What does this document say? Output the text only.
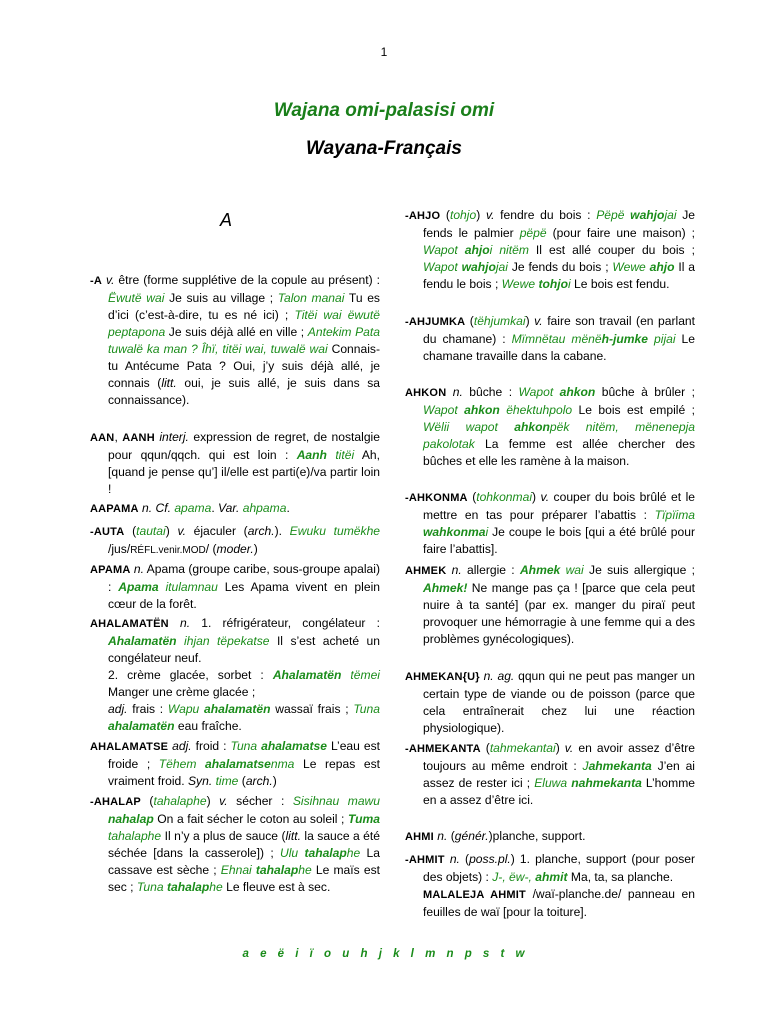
1
Wajana omi-palasisi omi
Wayana-Français
A
-A v. être (forme supplétive de la copule au présent) : Ëwutë wai Je suis au village ; Talon manai Tu es d’ici (c’est-à-dire, tu es né ici) ; Titëi wai ëwutë peptapona Je suis déjà allé en ville ; Antekim Pata tuwalë ka man ? Îhï, titëi wai, tuwalë wai Connais-tu Antécume Pata ? Oui, j’y suis déjà allé, je connais (litt. oui, je suis allé, je suis dans sa connaissance).
AAN, AANH interj. expression de regret, de nostalgie pour qqun/qqch. qui est loin : Aanh titëi Ah, [quand je pense qu’] il/elle est parti(e)/va partir loin !
AAPAMA n. Cf. apama. Var. ahpama.
-AUTA (tautai) v. éjaculer (arch.). Ewuku tumëkhe /jus/RÉFL.venir.MOD/ (moder.)
APAMA n. Apama (groupe caribe, sous-groupe apalai) : Apama itulamnau Les Apama vivent en plein cœur de la forêt.
AHALAMATËN n. 1. réfrigérateur, congélateur : Ahalamatën ihjan tëpekatse Il s’est acheté un congélateur neuf.
2. crème glacée, sorbet : Ahalamatën tëmei Manger une crème glacée ;
adj. frais : Wapu ahalamatën wassaï frais ; Tuna ahalamatën eau fraîche.
AHALAMATSE adj. froid : Tuna ahalamatse L’eau est froide ; Tëhem ahalamatsenma Le repas est vraiment froid. Syn. time (arch.)
-AHALAP (tahalaphe) v. sécher : Sisihnau mawu nahalap On a fait sécher le coton au soleil ; Tuma tahalaphe Il n’y a plus de sauce (litt. la sauce a été séchée [dans la casserole]) ; Ulu tahalaphe La cassave est sèche ; Ehnai tahalaphe Le maïs est sec ; Tuna tahalaphe Le fleuve est à sec.
-AHJO (tohjo) v. fendre du bois : Pëpë wahjojai Je fends le palmier pëpë (pour faire une maison) ; Wapot ahjoi nitëm Il est allé couper du bois ; Wapot wahjojai Je fends du bois ; Wewe ahjo Il a fendu le bois ; Wewe tohjoi Le bois est fendu.
-AHJUMKA (tëhjumkai) v. faire son travail (en parlant du chamane) : Mïmnëtau mënëh-jumke pijai Le chamane travaille dans la cabane.
AHKON n. bûche : Wapot ahkon bûche à brûler ; Wapot ahkon ëhektuhpolo Le bois est empilé ; Wëlii wapot ahkonpëk nitëm, mënenepja pakolotak La femme est allée chercher des bûches et elle les ramène à la maison.
-AHKONMA (tohkonmai) v. couper du bois brûlé et le mettre en tas pour préparer l’abattis : Tïpïima wahkonmai Je coupe le bois [qui a été brûlé pour faire l’abattis].
AHMEK n. allergie : Ahmek wai Je suis allergique ; Ahmek! Ne mange pas ça ! [parce que cela peut nuire à ta santé] (par ex. manger du piraï peut provoquer une hémorragie à une femme qui a des problèmes gynécologiques).
AHMEKAN{U} n. ag. qqun qui ne peut pas manger un certain type de viande ou de poisson (parce que cela entraînerait chez lui une réaction physiologique).
-AHMEKANTA (tahmekantai) v. en avoir assez d’être toujours au même endroit : Jahmekanta J’en ai assez de rester ici ; Eluwa nahmekanta L’homme en a assez d’être ici.
AHMI n. (génér.)planche, support.
-AHMIT n. (poss.pl.) 1. planche, support (pour poser des objets) : J-, ëw-, ahmit Ma, ta, sa planche.
MALALEJA AHMIT /waï-planche.de/ panneau en feuilles de waï [pour la toiture].
a e ë i ï o u h j k l m n p s t w
